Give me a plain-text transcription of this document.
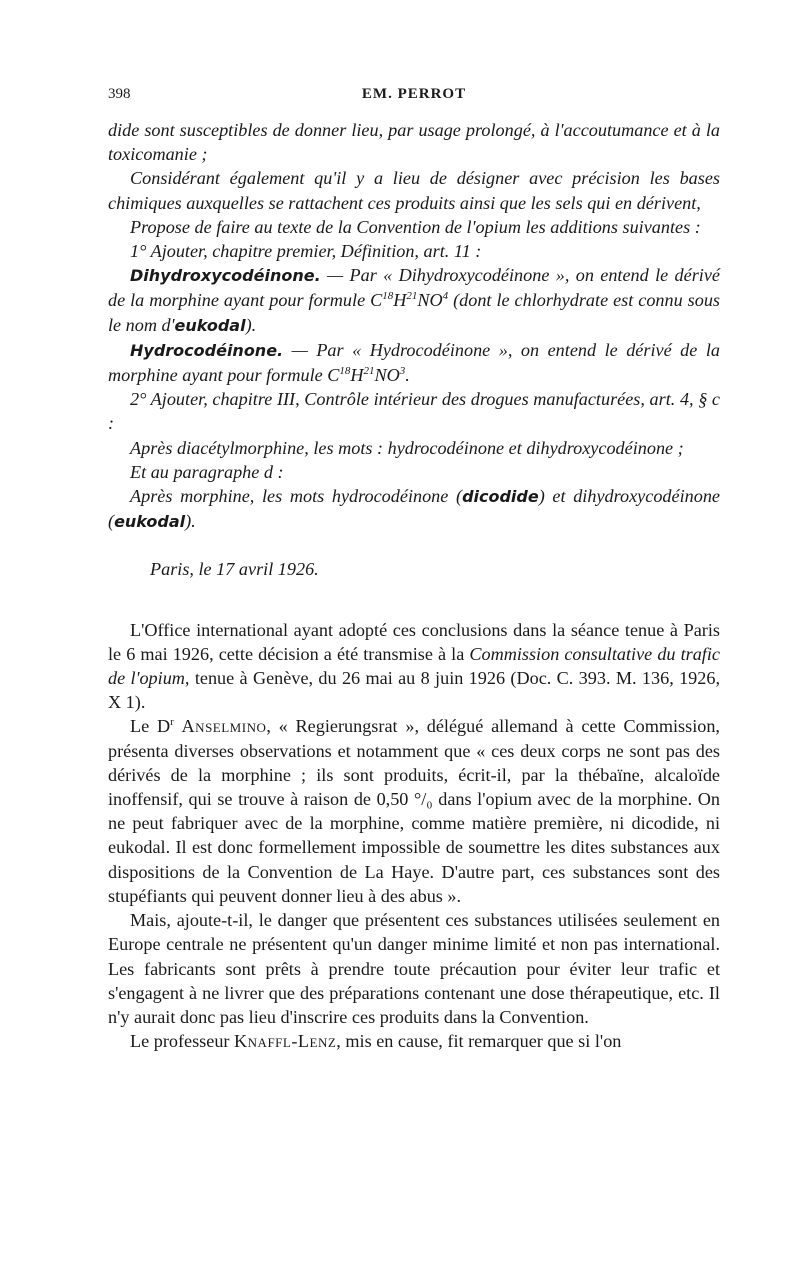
398	EM. PERROT

dide sont susceptibles de donner lieu, par usage prolongé, à l'accoutumance et à la toxicomanie ;

Considérant également qu'il y a lieu de désigner avec précision les bases chimiques auxquelles se rattachent ces produits ainsi que les sels qui en dérivent,

Propose de faire au texte de la Convention de l'opium les additions suivantes :

1° Ajouter, chapitre premier, Définition, art. 11 :

Dihydroxycodéinone. — Par « Dihydroxycodéinone », on entend le dérivé de la morphine ayant pour formule $C^{18}H^{21}NO^4$ (dont le chlorhydrate est connu sous le nom d'eukodal).

Hydrocodéinone. — Par « Hydrocodéinone », on entend le dérivé de la morphine ayant pour formule $C^{18}H^{21}NO^3$.

2° Ajouter, chapitre III, Contrôle intérieur des drogues manufacturées, art. 4, § c :

Après diacétylmorphine, les mots : hydrocodéinone et dihydroxycodéinone ;

Et au paragraphe d :

Après morphine, les mots hydrocodéinone (dicodide) et dihydroxycodéinone (eukodal).

Paris, le 17 avril 1926.

L'Office international ayant adopté ces conclusions dans la séance tenue à Paris le 6 mai 1926, cette décision a été transmise à la Commission consultative du trafic de l'opium, tenue à Genève, du 26 mai au 8 juin 1926 (Doc. C. 393. M. 136, 1926, X 1).

Le $D^r$ Anselmino, « Regierungsrat », délégué allemand à cette Commission, présenta diverses observations et notamment que « ces deux corps ne sont pas des dérivés de la morphine ; ils sont produits, écrit-il, par la thébaïne, alcaloïde inoffensif, qui se trouve à raison de 0,50 °/₀ dans l'opium avec de la morphine. On ne peut fabriquer avec de la morphine, comme matière première, ni dicodide, ni eukodal. Il est donc formellement impossible de soumettre les dites substances aux dispositions de la Convention de La Haye. D'autre part, ces substances sont des stupéfiants qui peuvent donner lieu à des abus ».

Mais, ajoute-t-il, le danger que présentent ces substances utilisées seulement en Europe centrale ne présentent qu'un danger minime limité et non pas international. Les fabricants sont prêts à prendre toute précaution pour éviter leur trafic et s'engagent à ne livrer que des préparations contenant une dose thérapeutique, etc. Il n'y aurait donc pas lieu d'inscrire ces produits dans la Convention.

Le professeur Knaffl-Lenz, mis en cause, fit remarquer que si l'on
